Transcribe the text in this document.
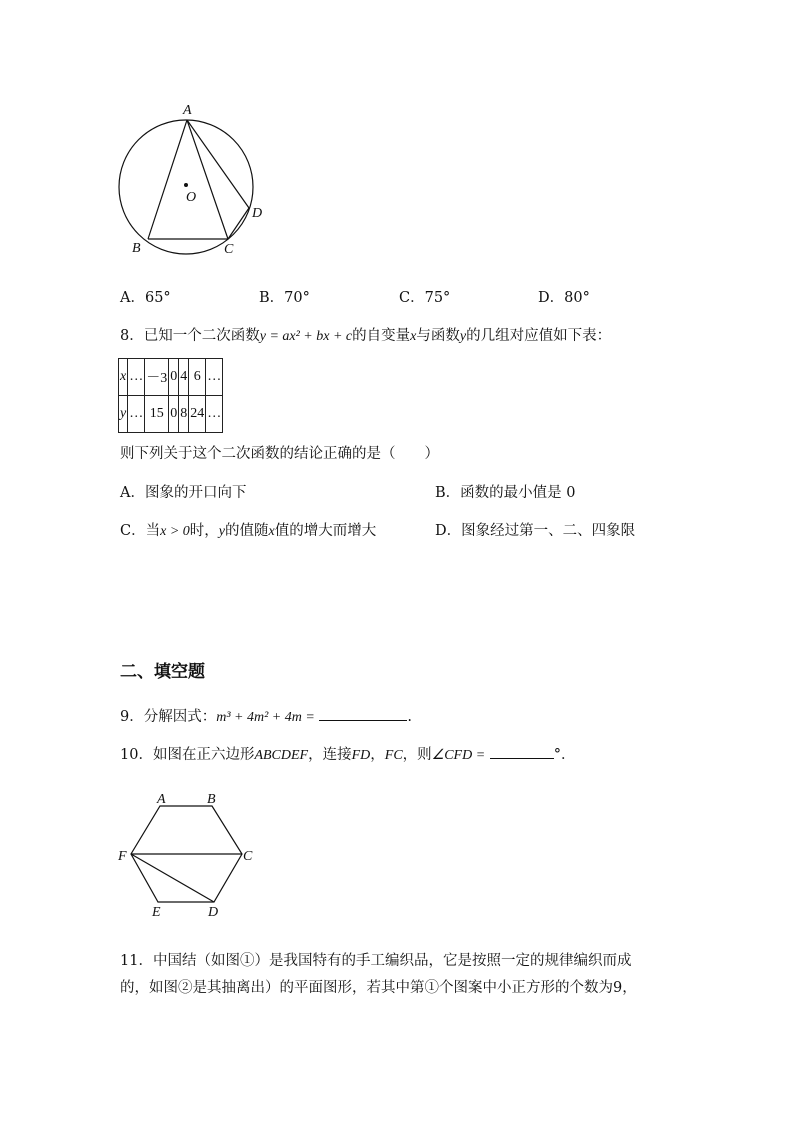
A
O
D
B	C
A．65°	B．70°	C．75°	D．80°
8．已知一个二次函数y = ax² + bx + c的自变量x与函数y的几组对应值如下表：
x	…	－3	0	4	6	…
y	…	15	0	8	24	…
则下列关于这个二次函数的结论正确的是（　　）
A．图象的开口向下	B．函数的最小值是 0
C．当x > 0时，y的值随x值的增大而增大	D．图象经过第一、二、四象限
二、填空题
9．分解因式：m³ + 4m² + 4m =	.
10．如图在正六边形ABCDEF，连接FD，FC，则∠CFD =	°．
A	B
F	C
E	D
11．中国结（如图①）是我国特有的手工编织品，它是按照一定的规律编织而成
的，如图②是其抽离出）的平面图形，若其中第①个图案中小正方形的个数为9，
